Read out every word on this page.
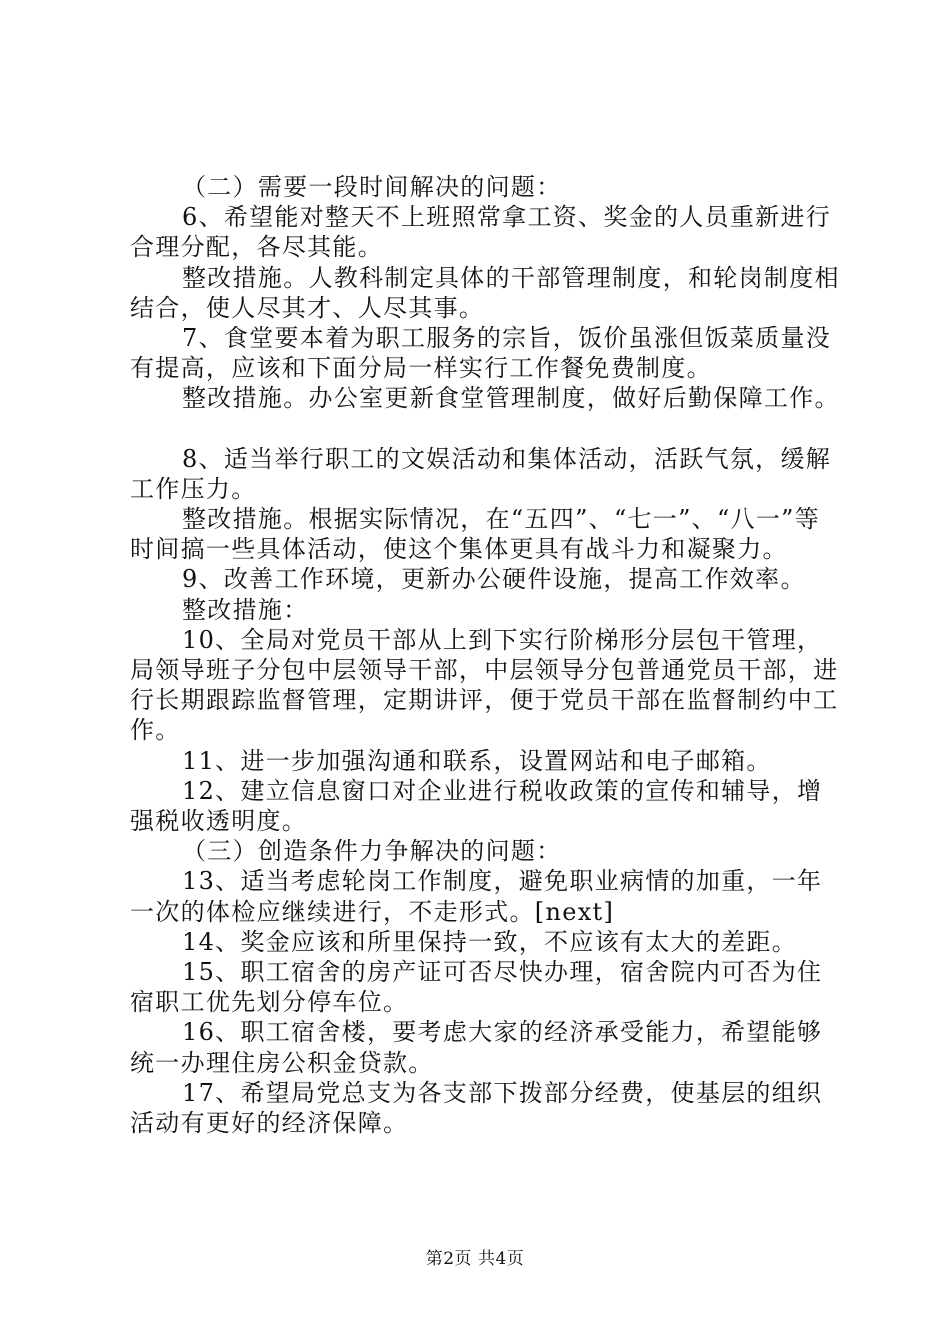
（二）需要一段时间解决的问题：

6、希望能对整天不上班照常拿工资、奖金的人员重新进行合理分配，各尽其能。

整改措施。人教科制定具体的干部管理制度，和轮岗制度相结合，使人尽其才、人尽其事。

7、食堂要本着为职工服务的宗旨，饭价虽涨但饭菜质量没有提高，应该和下面分局一样实行工作餐免费制度。

整改措施。办公室更新食堂管理制度，做好后勤保障工作。

8、适当举行职工的文娱活动和集体活动，活跃气氛，缓解工作压力。

整改措施。根据实际情况，在“五四”、“七一”、“八一”等时间搞一些具体活动，使这个集体更具有战斗力和凝聚力。

9、改善工作环境，更新办公硬件设施，提高工作效率。

整改措施：

10、全局对党员干部从上到下实行阶梯形分层包干管理，局领导班子分包中层领导干部，中层领导分包普通党员干部，进行长期跟踪监督管理，定期讲评，便于党员干部在监督制约中工作。

11、进一步加强沟通和联系，设置网站和电子邮箱。

12、建立信息窗口对企业进行税收政策的宣传和辅导，增强税收透明度。

（三）创造条件力争解决的问题：

13、适当考虑轮岗工作制度，避免职业病情的加重，一年一次的体检应继续进行，不走形式。[next]

14、奖金应该和所里保持一致，不应该有太大的差距。

15、职工宿舍的房产证可否尽快办理，宿舍院内可否为住宿职工优先划分停车位。

16、职工宿舍楼，要考虑大家的经济承受能力，希望能够统一办理住房公积金贷款。

17、希望局党总支为各支部下拨部分经费，使基层的组织活动有更好的经济保障。

第2页 共4页
